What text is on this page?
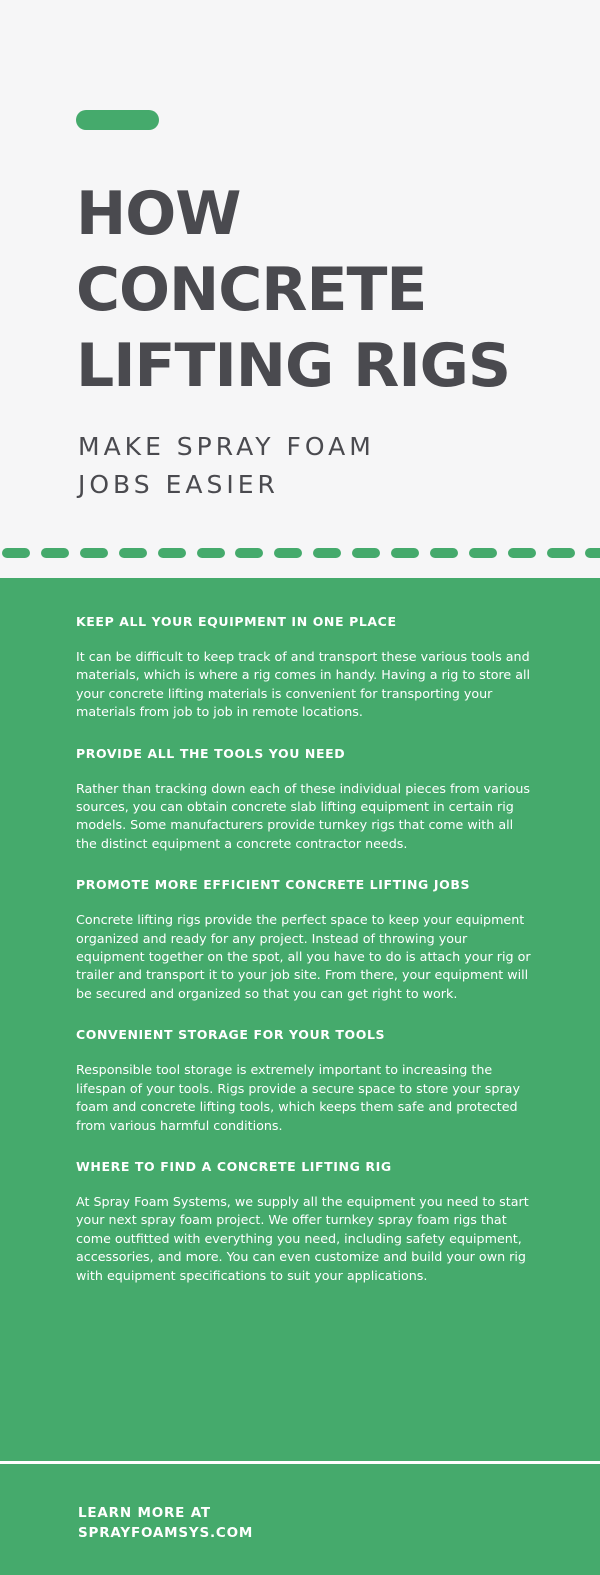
HOW
CONCRETE
LIFTING RIGS
MAKE SPRAY FOAM
JOBS EASIER
KEEP ALL YOUR EQUIPMENT IN ONE PLACE

It can be difficult to keep track of and transport these various tools and materials, which is where a rig comes in handy. Having a rig to store all your concrete lifting materials is convenient for transporting your materials from job to job in remote locations.

PROVIDE ALL THE TOOLS YOU NEED

Rather than tracking down each of these individual pieces from various sources, you can obtain concrete slab lifting equipment in certain rig models. Some manufacturers provide turnkey rigs that come with all the distinct equipment a concrete contractor needs.

PROMOTE MORE EFFICIENT CONCRETE LIFTING JOBS

Concrete lifting rigs provide the perfect space to keep your equipment organized and ready for any project. Instead of throwing your equipment together on the spot, all you have to do is attach your rig or trailer and transport it to your job site. From there, your equipment will be secured and organized so that you can get right to work.

CONVENIENT STORAGE FOR YOUR TOOLS

Responsible tool storage is extremely important to increasing the lifespan of your tools. Rigs provide a secure space to store your spray foam and concrete lifting tools, which keeps them safe and protected from various harmful conditions.

WHERE TO FIND A CONCRETE LIFTING RIG

At Spray Foam Systems, we supply all the equipment you need to start your next spray foam project. We offer turnkey spray foam rigs that come outfitted with everything you need, including safety equipment, accessories, and more. You can even customize and build your own rig with equipment specifications to suit your applications.

LEARN MORE AT
SPRAYFOAMSYS.COM
